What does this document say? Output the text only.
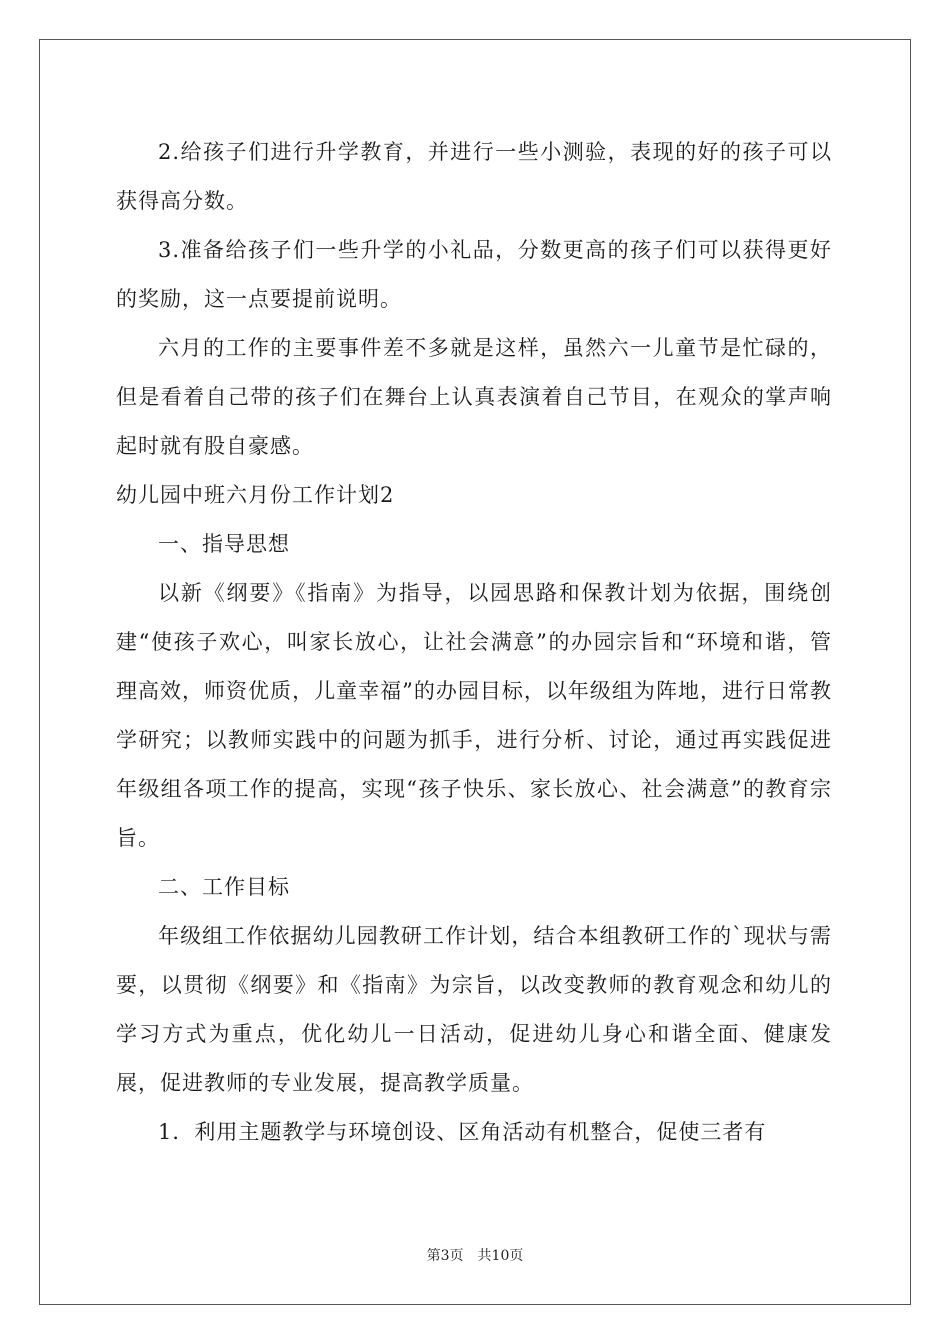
2.给孩子们进行升学教育，并进行一些小测验，表现的好的孩子可以获得高分数。

3.准备给孩子们一些升学的小礼品，分数更高的孩子们可以获得更好的奖励，这一点要提前说明。

六月的工作的主要事件差不多就是这样，虽然六一儿童节是忙碌的，但是看着自己带的孩子们在舞台上认真表演着自己节目，在观众的掌声响起时就有股自豪感。

幼儿园中班六月份工作计划2

一、指导思想

以新《纲要》《指南》为指导，以园思路和保教计划为依据，围绕创建“使孩子欢心，叫家长放心，让社会满意”的办园宗旨和“环境和谐，管理高效，师资优质，儿童幸福”的办园目标，以年级组为阵地，进行日常教学研究；以教师实践中的问题为抓手，进行分析、讨论，通过再实践促进年级组各项工作的提高，实现“孩子快乐、家长放心、社会满意”的教育宗旨。

二、工作目标

年级组工作依据幼儿园教研工作计划，结合本组教研工作的`现状与需要，以贯彻《纲要》和《指南》为宗旨，以改变教师的教育观念和幼儿的学习方式为重点，优化幼儿一日活动，促进幼儿身心和谐全面、健康发展，促进教师的专业发展，提高教学质量。

1．利用主题教学与环境创设、区角活动有机整合，促使三者有

第3页 共10页
